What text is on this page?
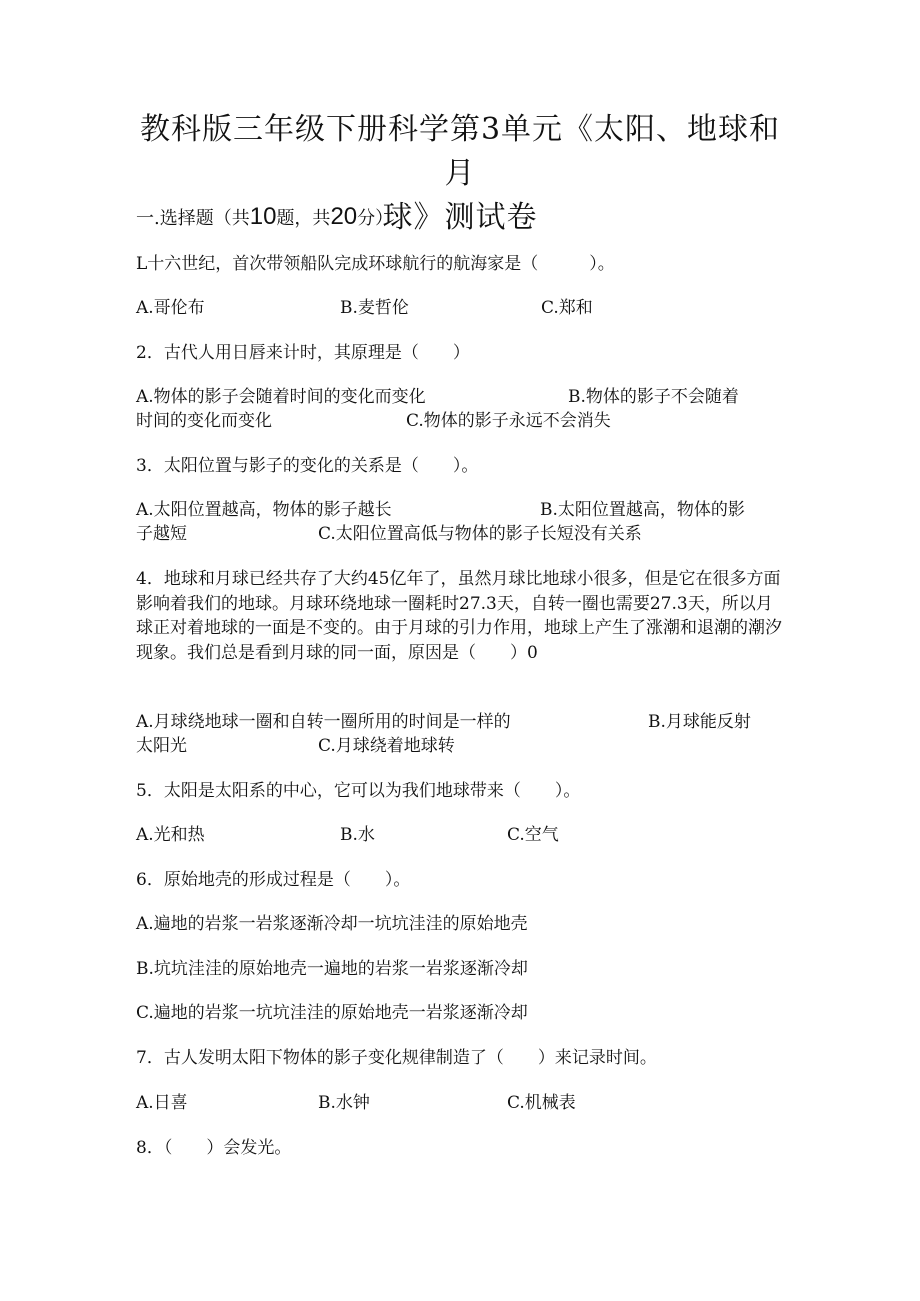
教科版三年级下册科学第3单元《太阳、地球和月
球》测试卷
一.选择题（共10题，共20分）
L十六世纪，首次带领船队完成环球航行的航海家是（　　　）。
A.哥伦布	B.麦哲伦	C.郑和
2．古代人用日唇来计时，其原理是（　　）
A.物体的影子会随着时间的变化而变化	B.物体的影子不会随着
时间的变化而变化	C.物体的影子永远不会消失
3．太阳位置与影子的变化的关系是（　　）。
A.太阳位置越高，物体的影子越长	B.太阳位置越高，物体的影
子越短	C.太阳位置高低与物体的影子长短没有关系
4．地球和月球已经共存了大约45亿年了，虽然月球比地球小很多，但是它在很多方面影响着我们的地球。月球环绕地球一圈耗时27.3天，自转一圈也需要27.3天，所以月球正对着地球的一面是不变的。由于月球的引力作用，地球上产生了涨潮和退潮的潮汐现象。我们总是看到月球的同一面，原因是（　　）0
A.月球绕地球一圈和自转一圈所用的时间是一样的	B.月球能反射
太阳光	C.月球绕着地球转
5．太阳是太阳系的中心，它可以为我们地球带来（　　）。
A.光和热	B.水	C.空气
6．原始地壳的形成过程是（　　）。
A.遍地的岩浆一岩浆逐渐冷却一坑坑洼洼的原始地壳
B.坑坑洼洼的原始地壳一遍地的岩浆一岩浆逐渐冷却
C.遍地的岩浆一坑坑洼洼的原始地壳一岩浆逐渐冷却
7．古人发明太阳下物体的影子变化规律制造了（　　）来记录时间。
A.日喜	B.水钟	C.机械表
8．（　　）会发光。
